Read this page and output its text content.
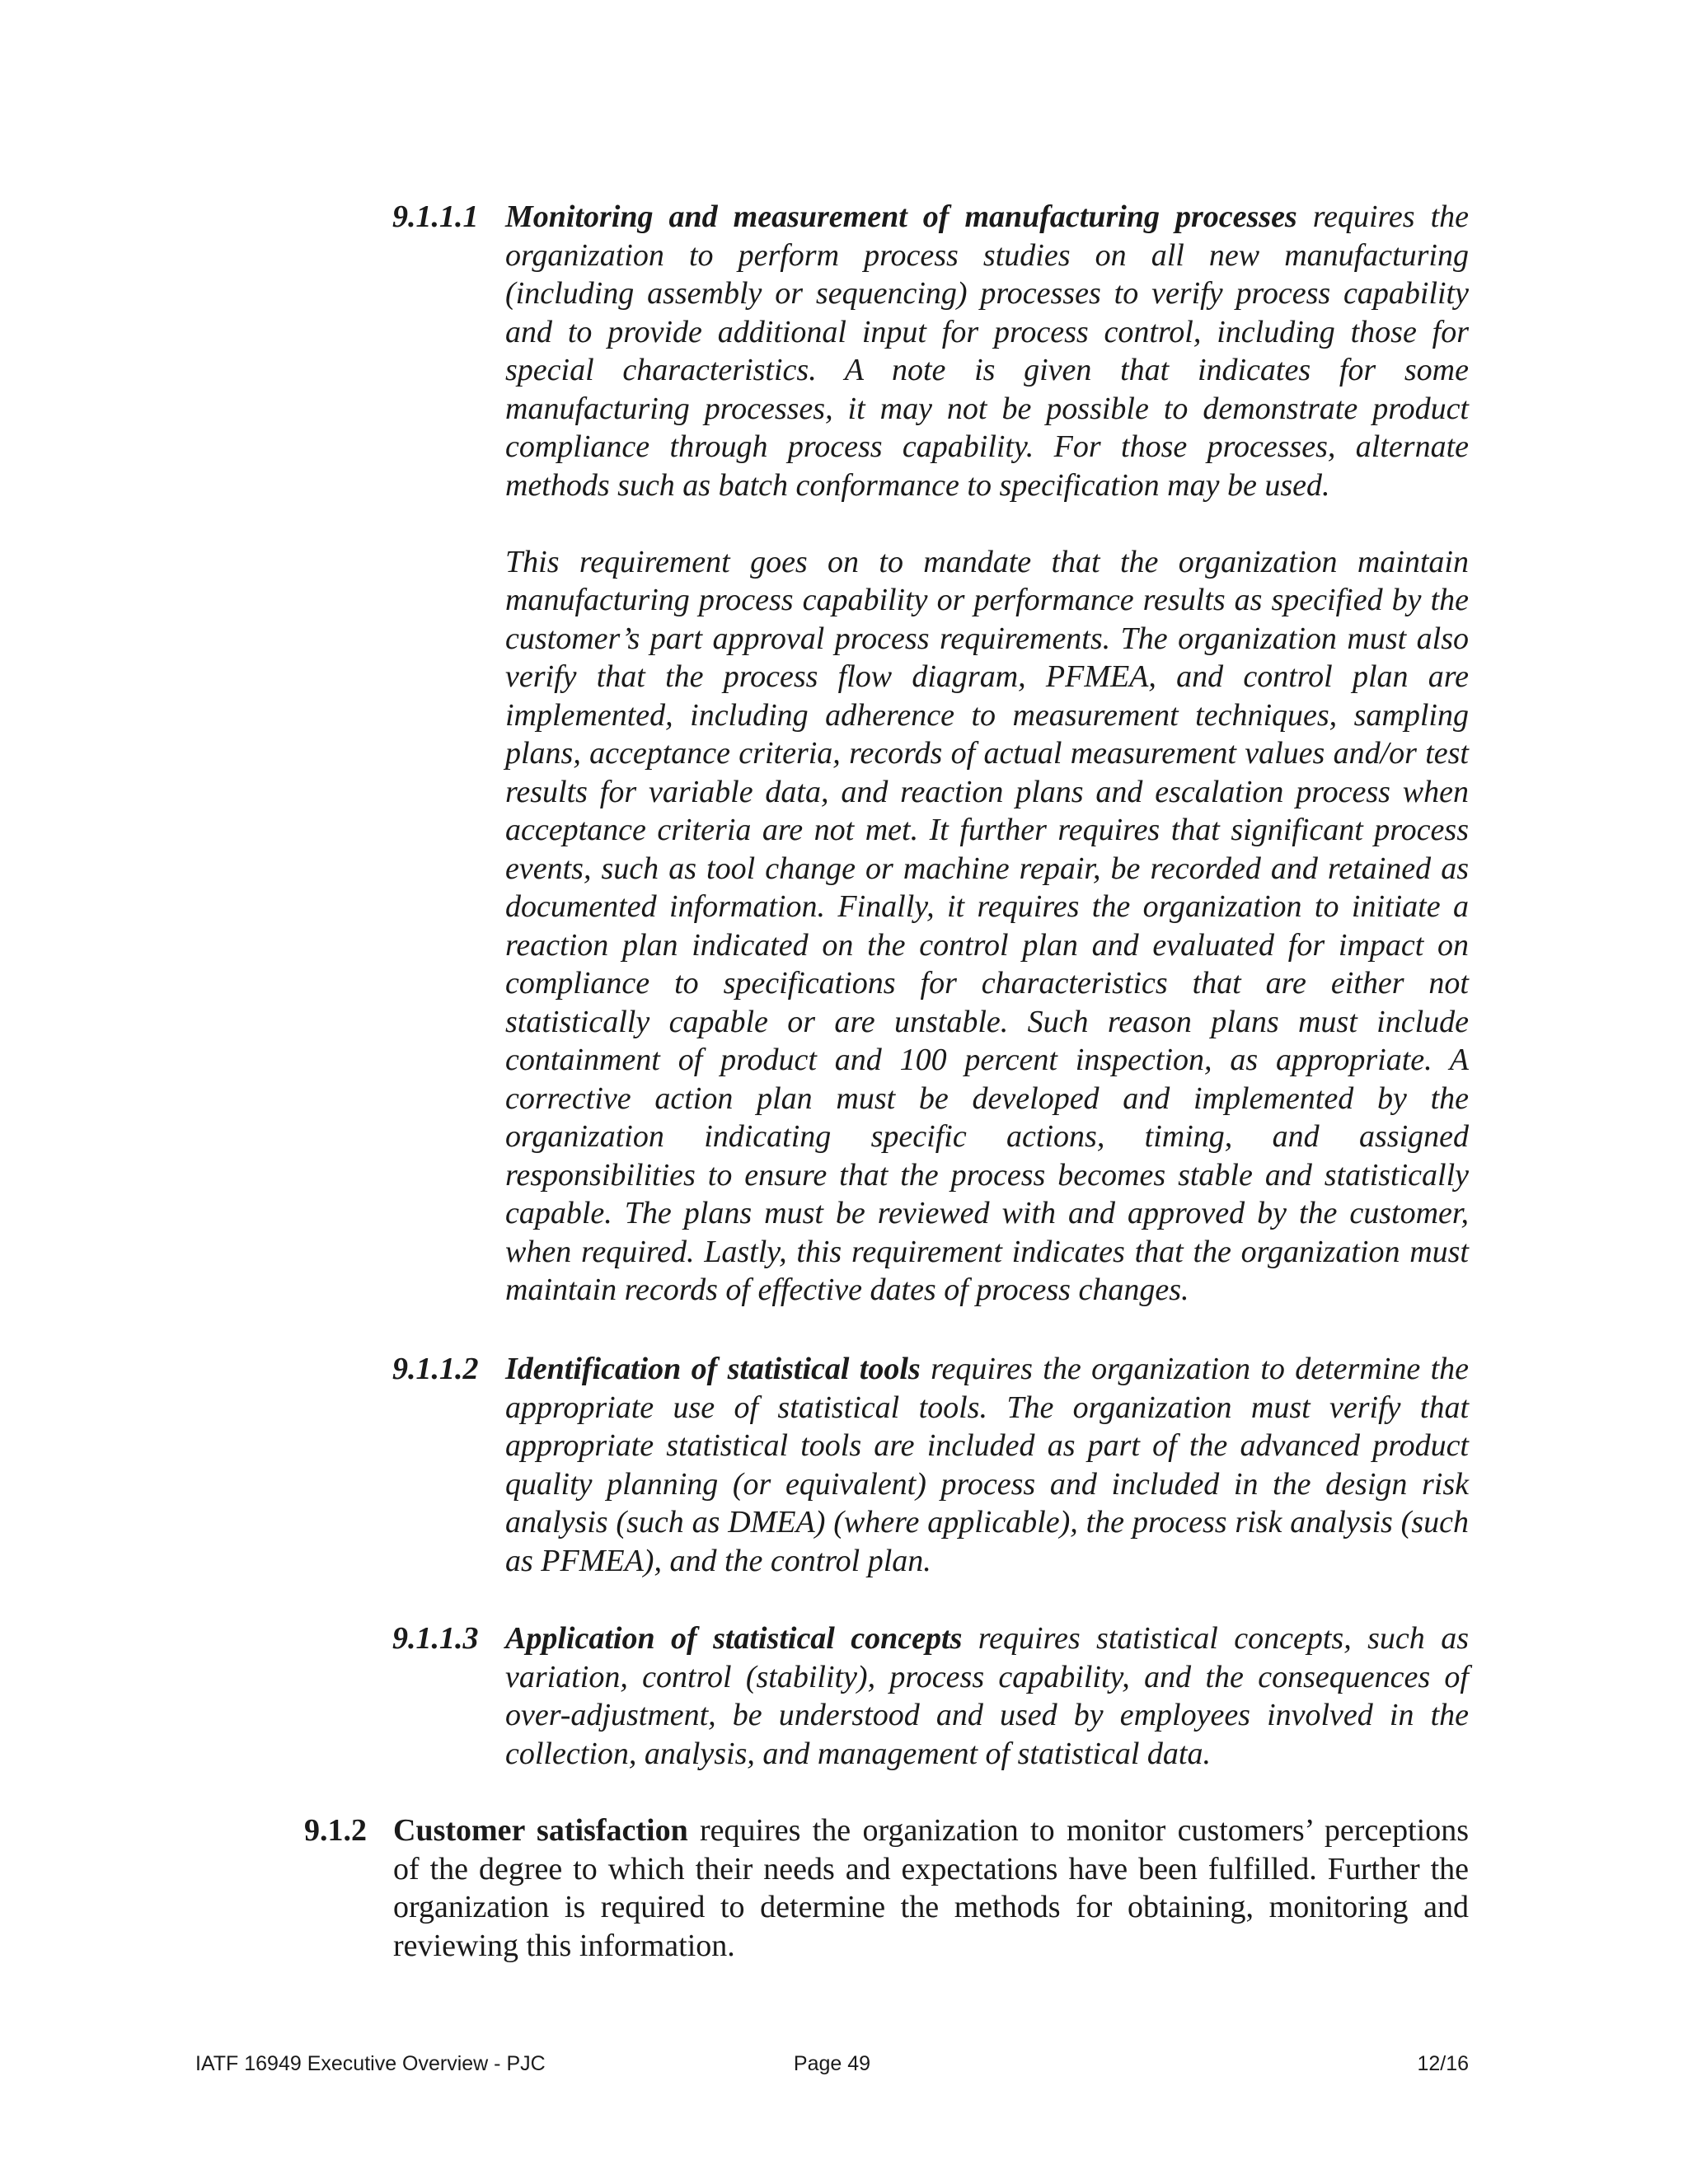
9.1.1.1 Monitoring and measurement of manufacturing processes requires the organization to perform process studies on all new manufacturing (including assembly or sequencing) processes to verify process capability and to provide additional input for process control, including those for special characteristics. A note is given that indicates for some manufacturing processes, it may not be possible to demonstrate product compliance through process capability. For those processes, alternate methods such as batch conformance to specification may be used.

This requirement goes on to mandate that the organization maintain manufacturing process capability or performance results as specified by the customer’s part approval process requirements. The organization must also verify that the process flow diagram, PFMEA, and control plan are implemented, including adherence to measurement techniques, sampling plans, acceptance criteria, records of actual measurement values and/or test results for variable data, and reaction plans and escalation process when acceptance criteria are not met. It further requires that significant process events, such as tool change or machine repair, be recorded and retained as documented information. Finally, it requires the organization to initiate a reaction plan indicated on the control plan and evaluated for impact on compliance to specifications for characteristics that are either not statistically capable or are unstable. Such reason plans must include containment of product and 100 percent inspection, as appropriate. A corrective action plan must be developed and implemented by the organization indicating specific actions, timing, and assigned responsibilities to ensure that the process becomes stable and statistically capable. The plans must be reviewed with and approved by the customer, when required. Lastly, this requirement indicates that the organization must maintain records of effective dates of process changes.

9.1.1.2 Identification of statistical tools requires the organization to determine the appropriate use of statistical tools. The organization must verify that appropriate statistical tools are included as part of the advanced product quality planning (or equivalent) process and included in the design risk analysis (such as DMEA) (where applicable), the process risk analysis (such as PFMEA), and the control plan.

9.1.1.3 Application of statistical concepts requires statistical concepts, such as variation, control (stability), process capability, and the consequences of over-adjustment, be understood and used by employees involved in the collection, analysis, and management of statistical data.

9.1.2 Customer satisfaction requires the organization to monitor customers’ perceptions of the degree to which their needs and expectations have been fulfilled. Further the organization is required to determine the methods for obtaining, monitoring and reviewing this information.

IATF 16949 Executive Overview - PJC	Page 49	12/16
